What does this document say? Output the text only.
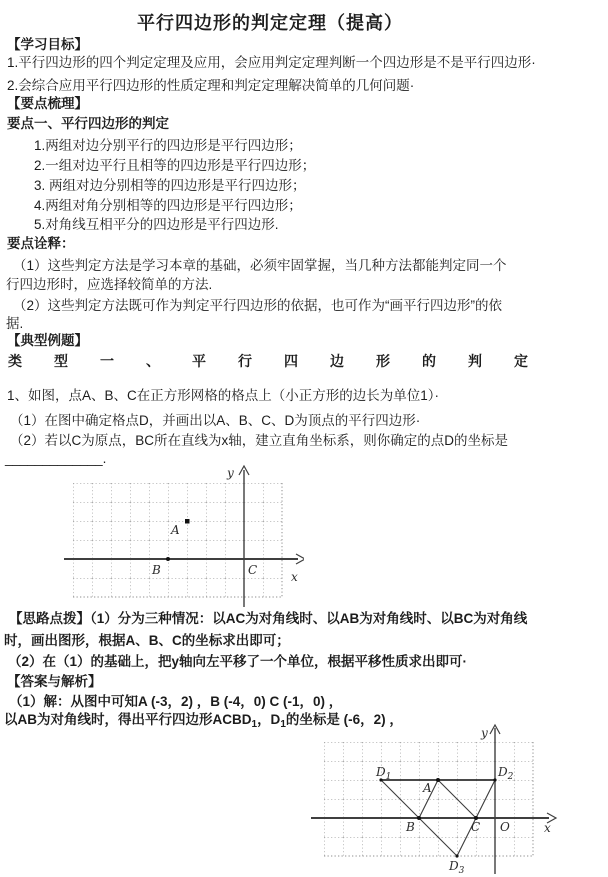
平行四边形的判定定理（提高）
【学习目标】
1.平行四边形的四个判定定理及应用，会应用判定定理判断一个四边形是不是平行四边形·
2.会综合应用平行四边形的性质定理和判定定理解决简单的几何问题·
【要点梳理】
要点一、平行四边形的判定
1.两组对边分别平行的四边形是平行四边形；
2.一组对边平行且相等的四边形是平行四边形；
3. 两组对边分别相等的四边形是平行四边形；
4.两组对角分别相等的四边形是平行四边形；
5.对角线互相平分的四边形是平行四边形.
要点诠释：
（1）这些判定方法是学习本章的基础，必须牢固掌握，当几种方法都能判定同一个
行四边形时，应选择较简单的方法.
（2）这些判定方法既可作为判定平行四边形的依据，也可作为“画平行四边形”的依
据.
【典型例题】
类型一、平行四边形的判定
1、如图，点A、B、C在正方形网格的格点上（小正方形的边长为单位1）·
（1）在图中确定格点D，并画出以A、B、C、D为顶点的平行四边形·
（2）若以C为原点，BC所在直线为x轴，建立直角坐标系，则你确定的点D的坐标是
_____________.
【思路点拨】（1）分为三种情况：以AC为对角线时、以AB为对角线时、以BC为对角线
时，画出图形，根据A、B、C的坐标求出即可；
（2）在（1）的基础上，把y轴向左平移了一个单位，根据平移性质求出即可·
【答案与解析】
（1）解：从图中可知A (-3，2) ，B (-4，0) C (-1，0) ，
以AB为对角线时，得出平行四边形$ACBD_1$，$D_1$的坐标是 (-6，2) ，
y
x
A
B	C
y
x
$D_1$	$D_2$
$D_3$
A
B	C O
